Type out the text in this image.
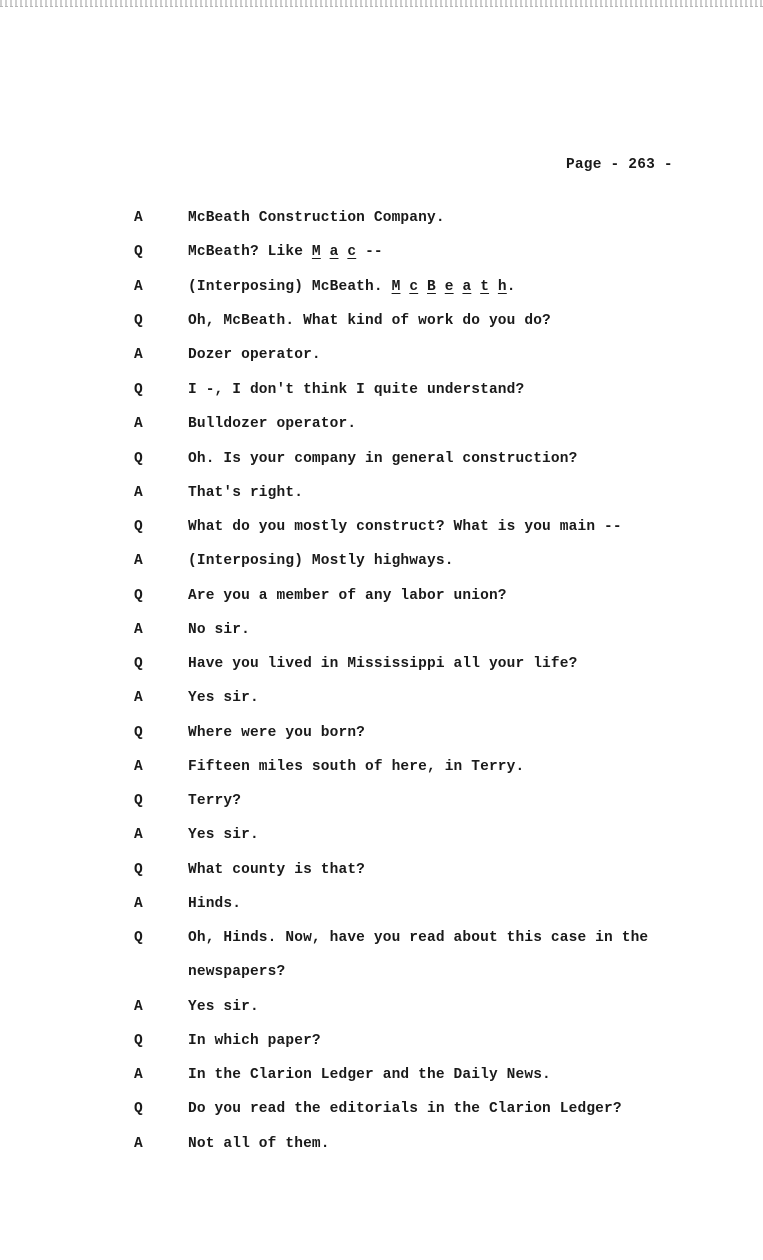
Page - 263 -
A	McBeath Construction Company.
Q	McBeath? Like M a c --
A	(Interposing) McBeath. M c B e a t h.
Q	Oh, McBeath. What kind of work do you do?
A	Dozer operator.
Q	I -, I don't think I quite understand?
A	Bulldozer operator.
Q	Oh. Is your company in general construction?
A	That's right.
Q	What do you mostly construct? What is you main --
A	(Interposing) Mostly highways.
Q	Are you a member of any labor union?
A	No sir.
Q	Have you lived in Mississippi all your life?
A	Yes sir.
Q	Where were you born?
A	Fifteen miles south of here, in Terry.
Q	Terry?
A	Yes sir.
Q	What county is that?
A	Hinds.
Q	Oh, Hinds. Now, have you read about this case in the
newspapers?
A	Yes sir.
Q	In which paper?
A	In the Clarion Ledger and the Daily News.
Q	Do you read the editorials in the Clarion Ledger?
A	Not all of them.
